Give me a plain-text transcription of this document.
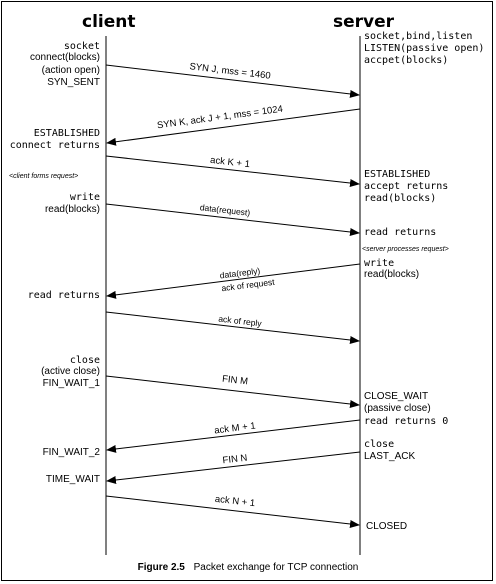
client	server
socket
connect(blocks)
(action open)
SYN_SENT
ESTABLISHED
connect returns
<client forms request>
write
read(blocks)
read returns
close
(active close)
FIN_WAIT_1
FIN_WAIT_2
TIME_WAIT
socket,bind,listen
LISTEN(passive open)
accpet(blocks)
ESTABLISHED
accept returns
read(blocks)
read returns
<server processes request>
write
read(blocks)
CLOSE_WAIT
(passive close)
read returns 0
close
LAST_ACK
CLOSED
SYN J, mss = 1460
SYN K, ack J + 1, mss = 1024
ack K + 1
data(request)
data(reply)
ack of request
ack of reply
FIN M
ack M + 1
FIN N
ack N + 1
Figure 2.5 Packet exchange for TCP connection
